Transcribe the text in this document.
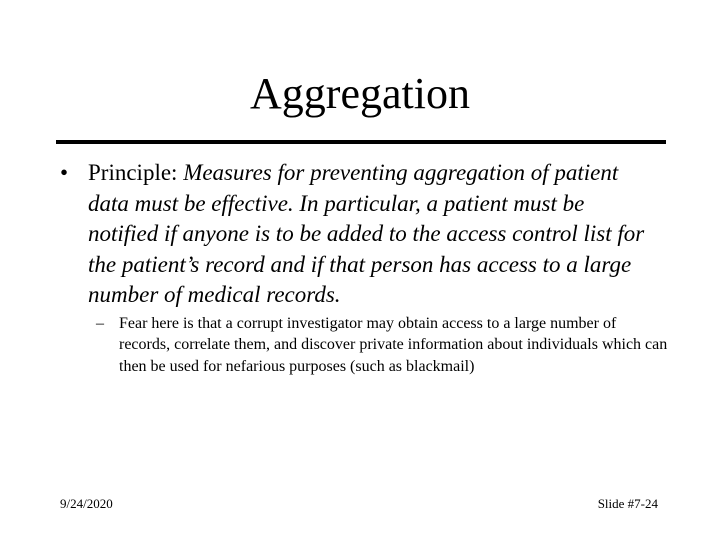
Aggregation
• Principle: Measures for preventing aggregation of patient data must be effective. In particular, a patient must be notified if anyone is to be added to the access control list for the patient’s record and if that person has access to a large number of medical records.
– Fear here is that a corrupt investigator may obtain access to a large number of records, correlate them, and discover private information about individuals which can then be used for nefarious purposes (such as blackmail)
9/24/2020	Slide #7-24
